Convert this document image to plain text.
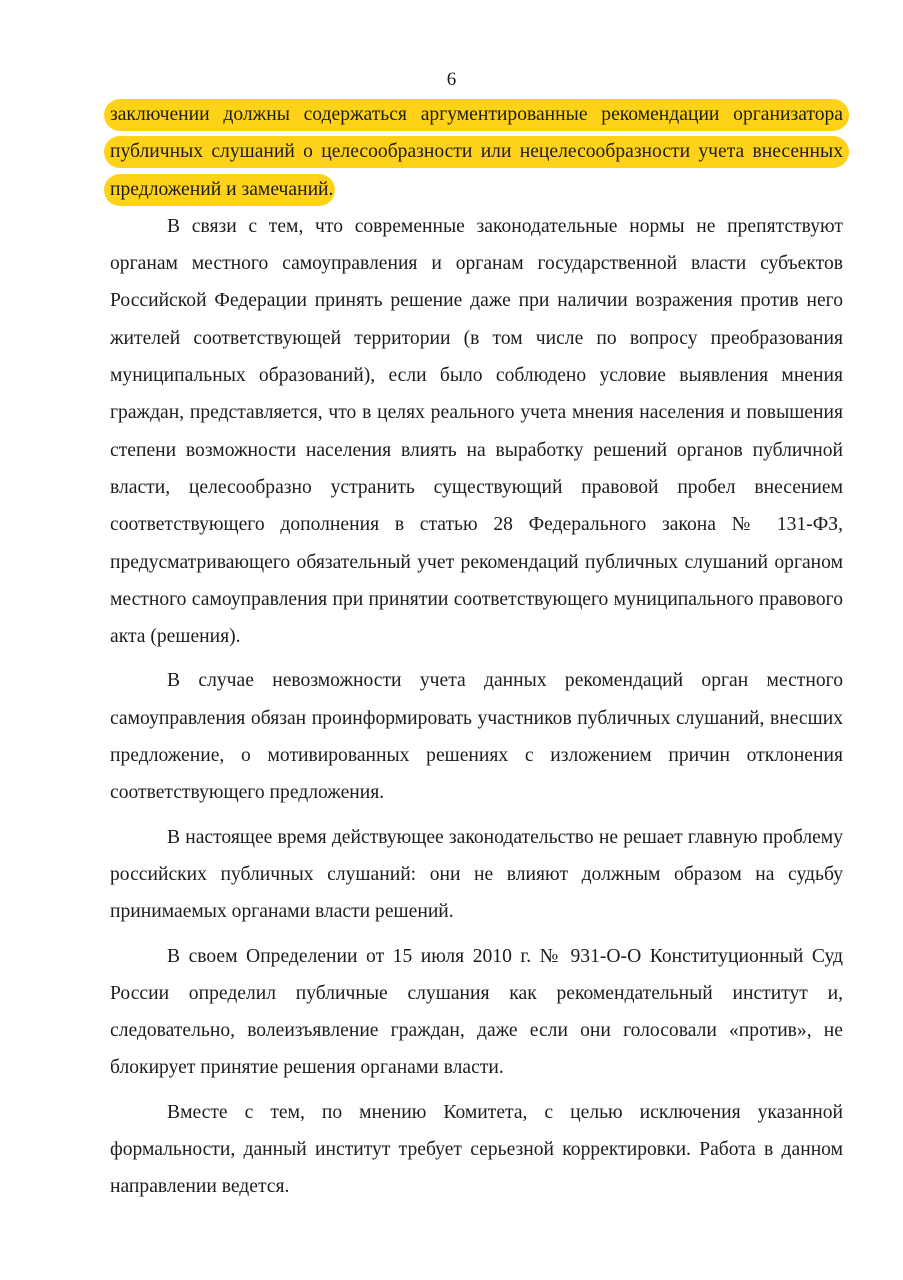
6

заключении должны содержаться аргументированные рекомендации организатора публичных слушаний о целесообразности или нецелесообразности учета внесенных предложений и замечаний.

В связи с тем, что современные законодательные нормы не препятствуют органам местного самоуправления и органам государственной власти субъектов Российской Федерации принять решение даже при наличии возражения против него жителей соответствующей территории (в том числе по вопросу преобразования муниципальных образований), если было соблюдено условие выявления мнения граждан, представляется, что в целях реального учета мнения населения и повышения степени возможности населения влиять на выработку решений органов публичной власти, целесообразно устранить существующий правовой пробел внесением соответствующего дополнения в статью 28 Федерального закона № 131-ФЗ, предусматривающего обязательный учет рекомендаций публичных слушаний органом местного самоуправления при принятии соответствующего муниципального правового акта (решения).

В случае невозможности учета данных рекомендаций орган местного самоуправления обязан проинформировать участников публичных слушаний, внесших предложение, о мотивированных решениях с изложением причин отклонения соответствующего предложения.

В настоящее время действующее законодательство не решает главную проблему российских публичных слушаний: они не влияют должным образом на судьбу принимаемых органами власти решений.

В своем Определении от 15 июля 2010 г. № 931-О-О Конституционный Суд России определил публичные слушания как рекомендательный институт и, следовательно, волеизъявление граждан, даже если они голосовали «против», не блокирует принятие решения органами власти.

Вместе с тем, по мнению Комитета, с целью исключения указанной формальности, данный институт требует серьезной корректировки. Работа в данном направлении ведется.
